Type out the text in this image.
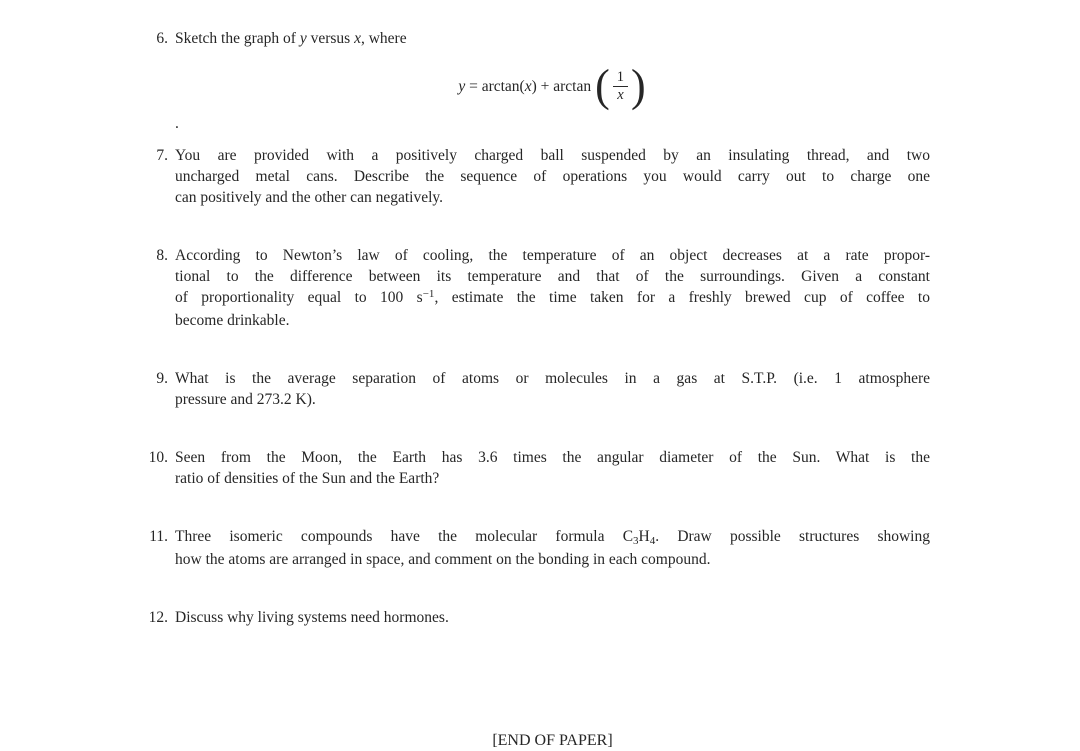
6. Sketch the graph of y versus x, where
y = arctan( x ) + arctan ( $\frac{1}{x}$ )
.
7. You are provided with a positively charged ball suspended by an insulating thread, and two
uncharged metal cans. Describe the sequence of operations you would carry out to charge one
can positively and the other can negatively.
8. According to Newton’s law of cooling, the temperature of an object decreases at a rate propor-
tional to the difference between its temperature and that of the surroundings. Given a constant
of proportionality equal to 100 $s^{-1}$, estimate the time taken for a freshly brewed cup of coffee to
become drinkable.
9. What is the average separation of atoms or molecules in a gas at S.T.P. (i.e. 1 atmosphere
pressure and 273.2 K).
10. Seen from the Moon, the Earth has 3.6 times the angular diameter of the Sun. What is the
ratio of densities of the Sun and the Earth?
11. Three isomeric compounds have the molecular formula C3H4. Draw possible structures showing
how the atoms are arranged in space, and comment on the bonding in each compound.
12. Discuss why living systems need hormones.
[END OF PAPER]
